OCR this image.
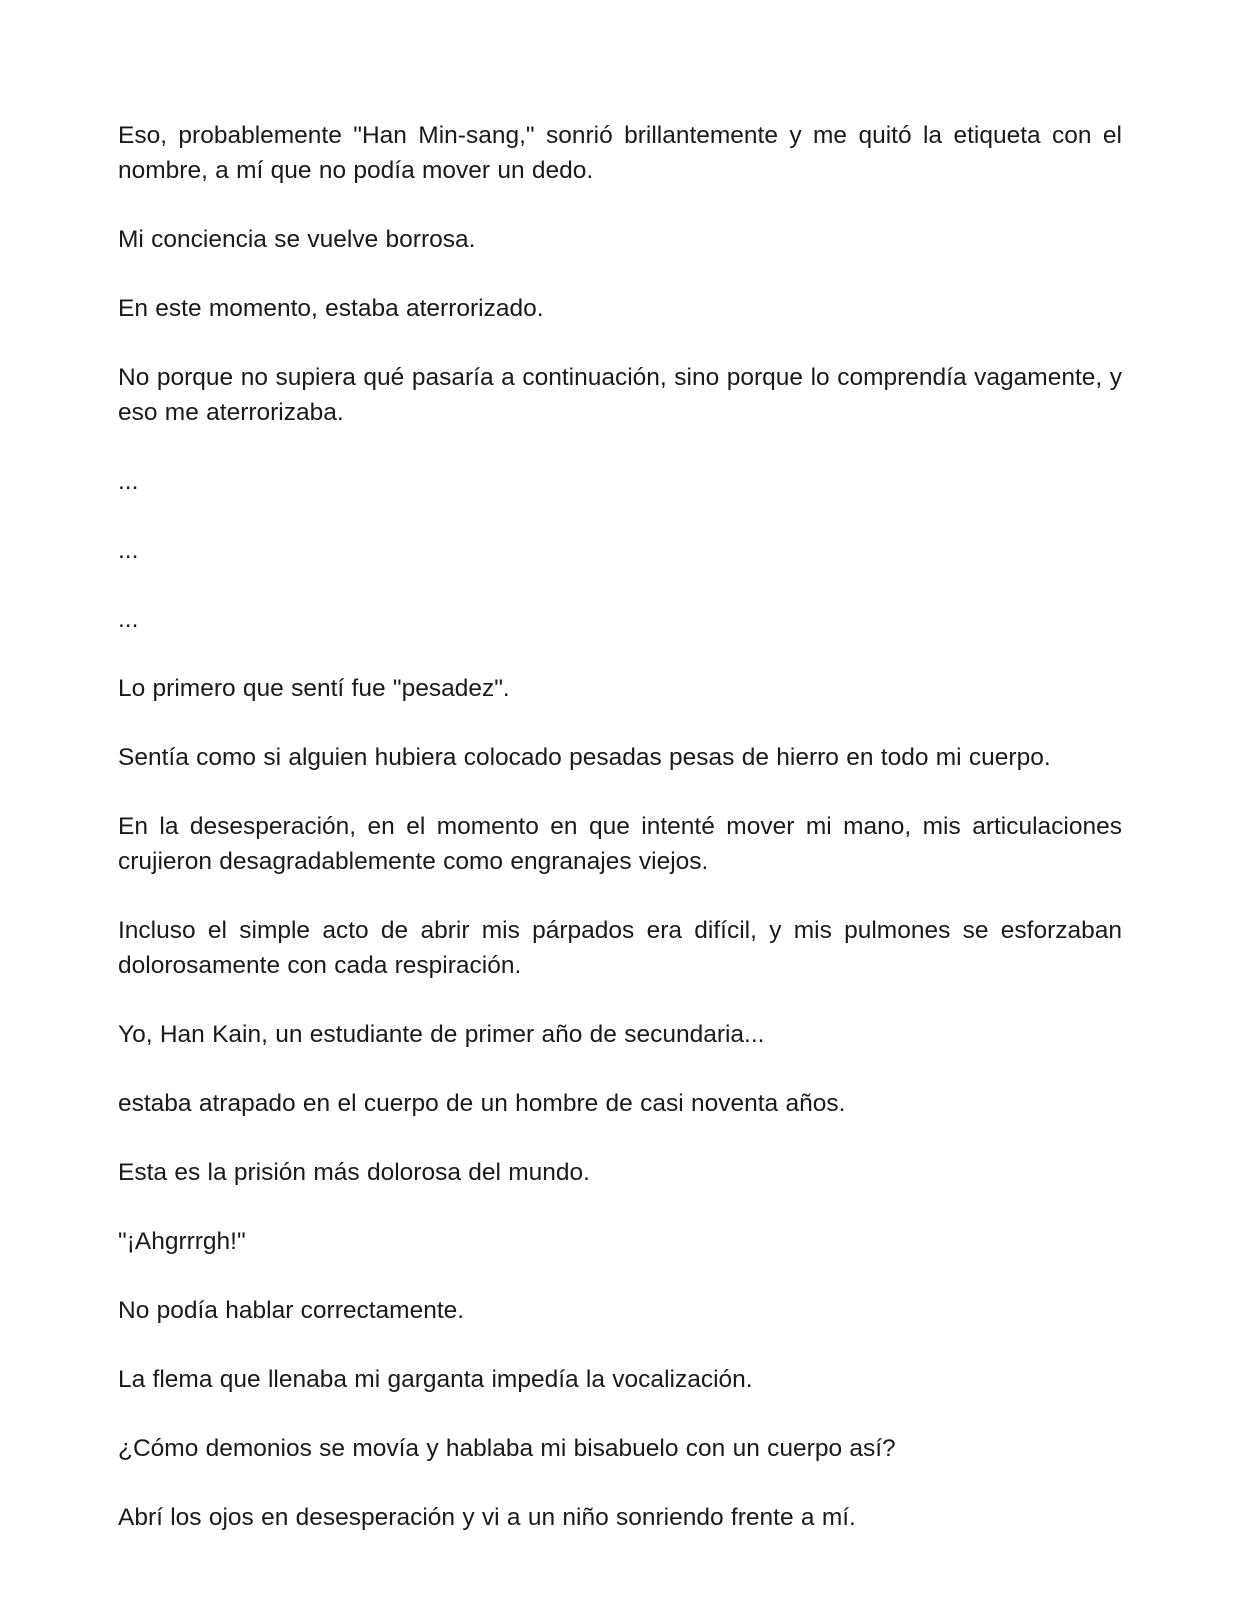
Eso, probablemente "Han Min-sang," sonrió brillantemente y me quitó la etiqueta con el nombre, a mí que no podía mover un dedo.

Mi conciencia se vuelve borrosa.

En este momento, estaba aterrorizado.

No porque no supiera qué pasaría a continuación, sino porque lo comprendía vagamente, y eso me aterrorizaba.

...

...

...

Lo primero que sentí fue "pesadez".

Sentía como si alguien hubiera colocado pesadas pesas de hierro en todo mi cuerpo.

En la desesperación, en el momento en que intenté mover mi mano, mis articulaciones crujieron desagradablemente como engranajes viejos.

Incluso el simple acto de abrir mis párpados era difícil, y mis pulmones se esforzaban dolorosamente con cada respiración.

Yo, Han Kain, un estudiante de primer año de secundaria...

estaba atrapado en el cuerpo de un hombre de casi noventa años.

Esta es la prisión más dolorosa del mundo.

"¡Ahgrrrgh!"

No podía hablar correctamente.

La flema que llenaba mi garganta impedía la vocalización.

¿Cómo demonios se movía y hablaba mi bisabuelo con un cuerpo así?

Abrí los ojos en desesperación y vi a un niño sonriendo frente a mí.
